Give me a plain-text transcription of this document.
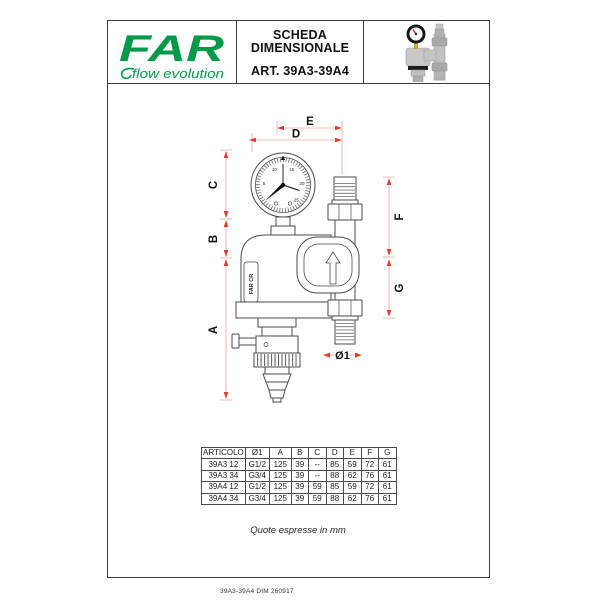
FAR
flow evolution
SCHEDA
DIMENSIONALE
ART. 39A3-39A4
39A3-39A4 DIM 260917
E
D
C
B
A
F
G
Ø1
5
10	15
20
25
FAR CR
ARTICOLO	Ø1	A	B	C	D	E	F	G
39A3 12	G1/2	125	39	--	85	59	72	61
39A3 34	G3/4	125	39	--	88	62	76	61
39A4 12	G1/2	125	39	59	85	59	72	61
39A4 34	G3/4	125	39	59	88	62	76	61
Quote espresse in mm
